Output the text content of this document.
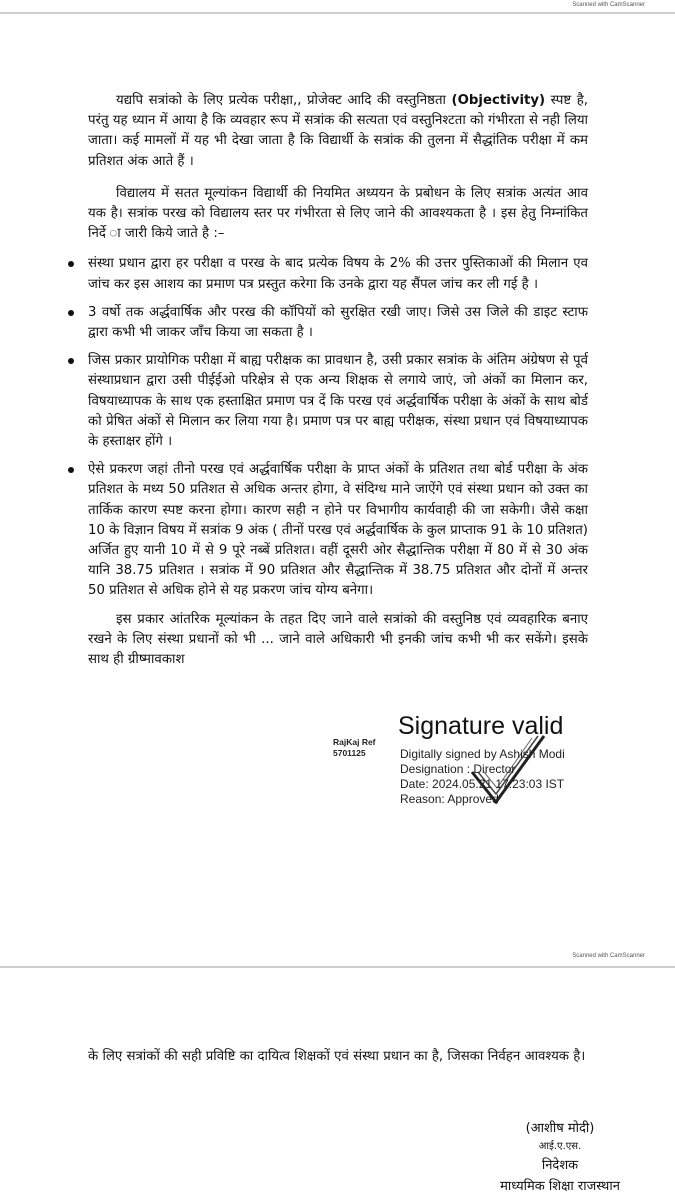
Scanned with CamScanner

यद्यपि सत्रांको के लिए प्रत्येक परीक्षा,, प्रोजेक्ट आदि की वस्तुनिष्ठता (Objectivity) स्पष्ट है, परंतु यह ध्यान में आया है कि व्यवहार रूप में सत्रांक की सत्यता एवं वस्तुनिश्टता को गंभीरता से नही लिया जाता। कई मामलों में यह भी देखा जाता है कि विद्यार्थी के सत्रांक की तुलना में सैद्धांतिक परीक्षा में कम प्रतिशत अंक आते हैं ।

विद्यालय में सतत मूल्यांकन विद्यार्थी की नियमित अध्ययन के प्रबोधन के लिए सत्रांक अत्यंत आव यक है। सत्रांक परख को विद्यालय स्तर पर गंभीरता से लिए जाने की आवश्यकता है । इस हेतु निम्नांकित निर्दे ा जारी किये जाते है :–

संस्था प्रधान द्वारा हर परीक्षा व परख के बाद प्रत्येक विषय के 2% की उत्तर पुस्तिकाओं की मिलान एव जांच कर इस आशय का प्रमाण पत्र प्रस्तुत करेगा कि उनके द्वारा यह सैंपल जांच कर ली गई है ।
3 वर्षो तक अर्द्धवार्षिक और परख की कॉपियों को सुरक्षित रखी जाए। जिसे उस जिले की डाइट स्टाफ द्वारा कभी भी जाकर जाँच किया जा सकता है ।
जिस प्रकार प्रायोगिक परीक्षा में बाह्य परीक्षक का प्रावधान है, उसी प्रकार सत्रांक के अंतिम अंग्रेषण से पूर्व संस्थाप्रधान द्वारा उसी पीईईओ परिक्षेत्र से एक अन्य शिक्षक से लगाये जाएं, जो अंकों का मिलान कर, विषयाध्यापक के साथ एक हस्ताक्षित प्रमाण पत्र दें कि परख एवं अर्द्धवार्षिक परीक्षा के अंकों के साथ बोर्ड को प्रेषित अंकों से मिलान कर लिया गया है। प्रमाण पत्र पर बाह्य परीक्षक, संस्था प्रधान एवं विषयाध्यापक के हस्ताक्षर होंगे ।
ऐसे प्रकरण जहां तीनो परख एवं अर्द्धवार्षिक परीक्षा के प्राप्त अंकों के प्रतिशत तथा बोर्ड परीक्षा के अंक प्रतिशत के मध्य 50 प्रतिशत से अधिक अन्तर होगा, वे संदिग्ध माने जाऐंगे एवं संस्था प्रधान को उक्त का तार्किक कारण स्पष्ट करना होगा। कारण सही न होने पर विभागीय कार्यवाही की जा सकेगी। जैसे कक्षा 10 के विज्ञान विषय में सत्रांक 9 अंक ( तीनों परख एवं अर्द्धवार्षिक के कुल प्राप्ताक 91 के 10 प्रतिशत) अर्जित हुए यानी 10 में से 9 पूरे नब्बें प्रतिशत। वहीं दूसरी ओर सैद्धान्तिक परीक्षा में 80 में से 30 अंक यानि 38.75 प्रतिशत । सत्रांक में 90 प्रतिशत और सैद्धान्तिक में 38.75 प्रतिशत और दोनों में अन्तर 50 प्रतिशत से अधिक होने से यह प्रकरण जांच योग्य बनेगा।

इस प्रकार आंतरिक मूल्यांकन के तहत दिए जाने वाले सत्रांको की वस्तुनिष्ठ एवं व्यवहारिक बनाए रखने के लिए संस्था प्रधानों को भी ... जाने वाले अधिकारी भी इनकी जांच कभी भी कर सकेंगे। इसके साथ ही ग्रीष्मावकाश

Signature valid
Digitally signed by Ashish Modi
Designation : Director
Date: 2024.05.21 17:23:03 IST
Reason: Approved
RajKaj Ref
5701125
Scanned with CamScanner

के लिए सत्रांकों की सही प्रविष्टि का दायित्व शिक्षकों एवं संस्था प्रधान का है, जिसका निर्वहन आवश्यक है।

(आशीष मोदी)
आई.ए.एस.
निदेशक
माध्यमिक शिक्षा राजस्थान
